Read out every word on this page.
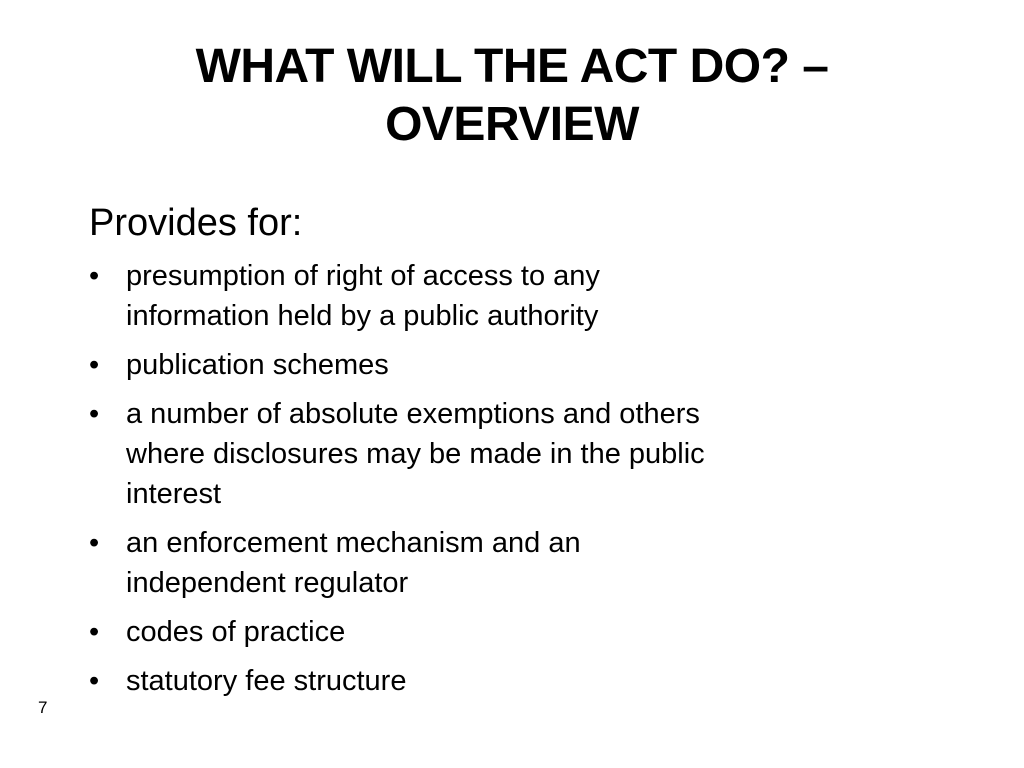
WHAT WILL THE ACT DO? –
OVERVIEW

Provides for:

• presumption of right of access to any
information held by a public authority
• publication schemes
• a number of absolute exemptions and others
where disclosures may be made in the public
interest
• an enforcement mechanism and an
independent regulator
• codes of practice
• statutory fee structure
7
